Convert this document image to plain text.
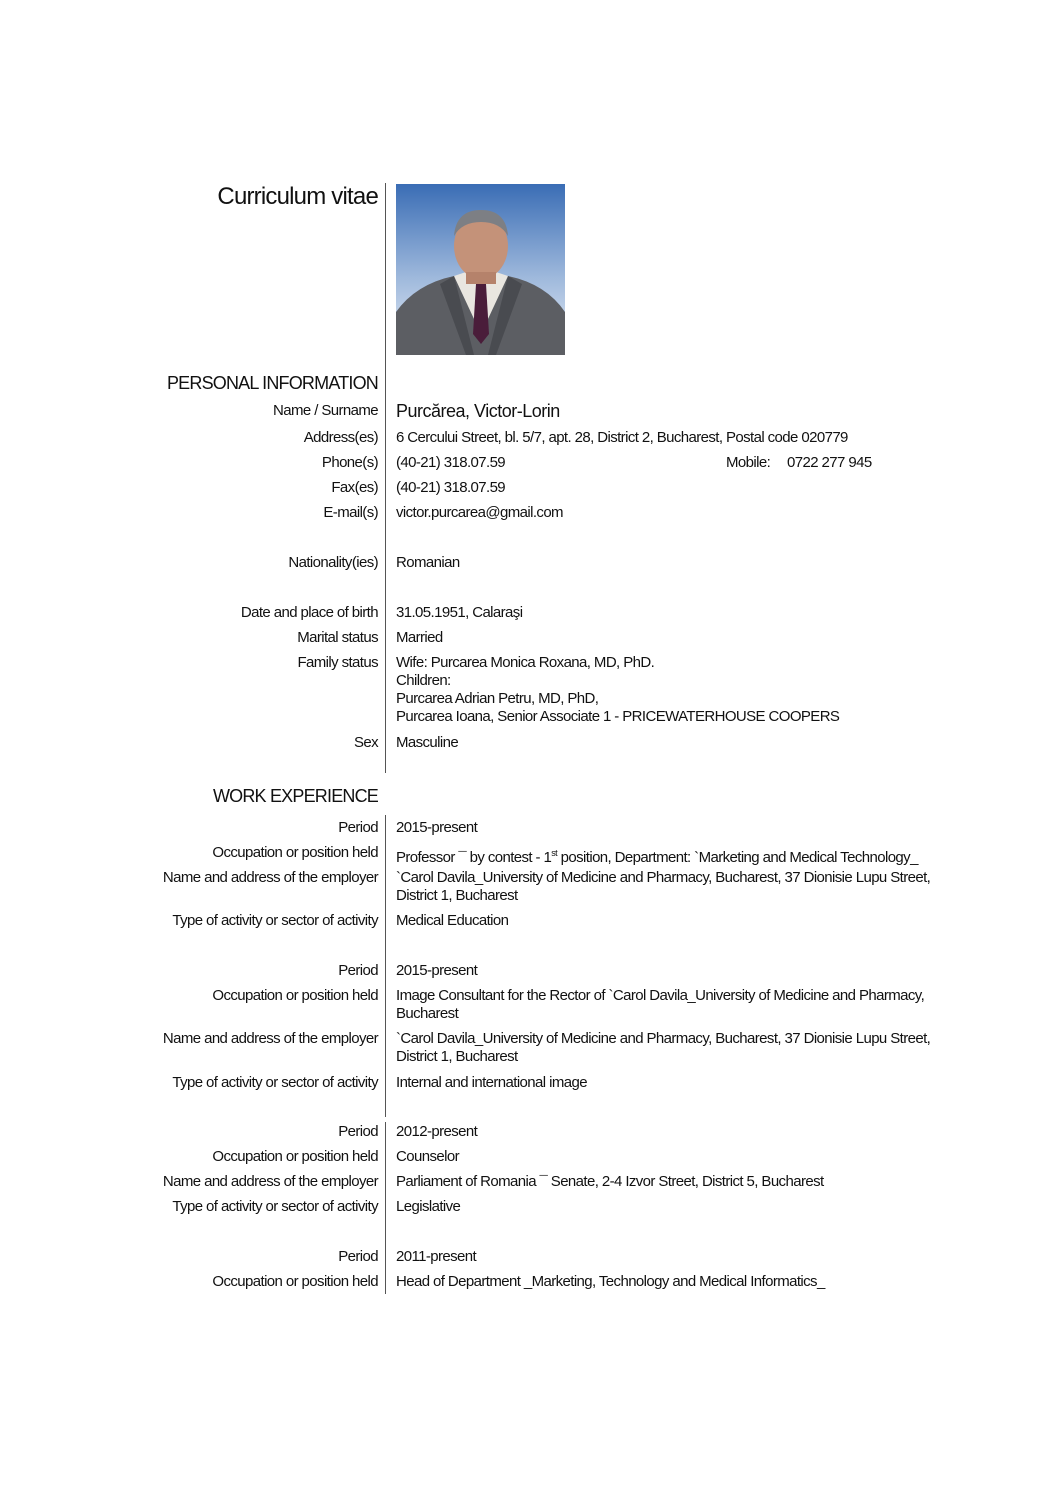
Curriculum vitae
PERSONAL INFORMATION
Name / Surname Purcărea, Victor-Lorin
Address(es) 6 Cercului Street, bl. 5/7, apt. 28, District 2, Bucharest, Postal code 020779
Phone(s) (40-21) 318.07.59	Mobile: 0722 277 945
Fax(es) (40-21) 318.07.59
E-mail(s) victor.purcarea@gmail.com
Nationality(ies) Romanian
Date and place of birth 31.05.1951, Calaraşi
Marital status Married
Family status Wife: Purcarea Monica Roxana, MD, PhD.
Children:
Purcarea Adrian Petru, MD, PhD,
Purcarea Ioana, Senior Associate 1 - PRICEWATERHOUSE COOPERS
Sex Masculine
WORK EXPERIENCE
Period 2015-present
Occupation or position held Professor ¯ by contest - 1st position, Department: `Marketing and Medical Technology_
Name and address of the employer `Carol Davila_University of Medicine and Pharmacy, Bucharest, 37 Dionisie Lupu Street,
District 1, Bucharest
Type of activity or sector of activity Medical Education
Period 2015-present
Occupation or position held Image Consultant for the Rector of `Carol Davila_University of Medicine and Pharmacy,
Bucharest
Name and address of the employer `Carol Davila_University of Medicine and Pharmacy, Bucharest, 37 Dionisie Lupu Street,
District 1, Bucharest
Type of activity or sector of activity Internal and international image
Period 2012-present
Occupation or position held Counselor
Name and address of the employer Parliament of Romania ¯ Senate, 2-4 Izvor Street, District 5, Bucharest
Type of activity or sector of activity Legislative
Period 2011-present
Occupation or position held Head of Department _Marketing, Technology and Medical Informatics_
